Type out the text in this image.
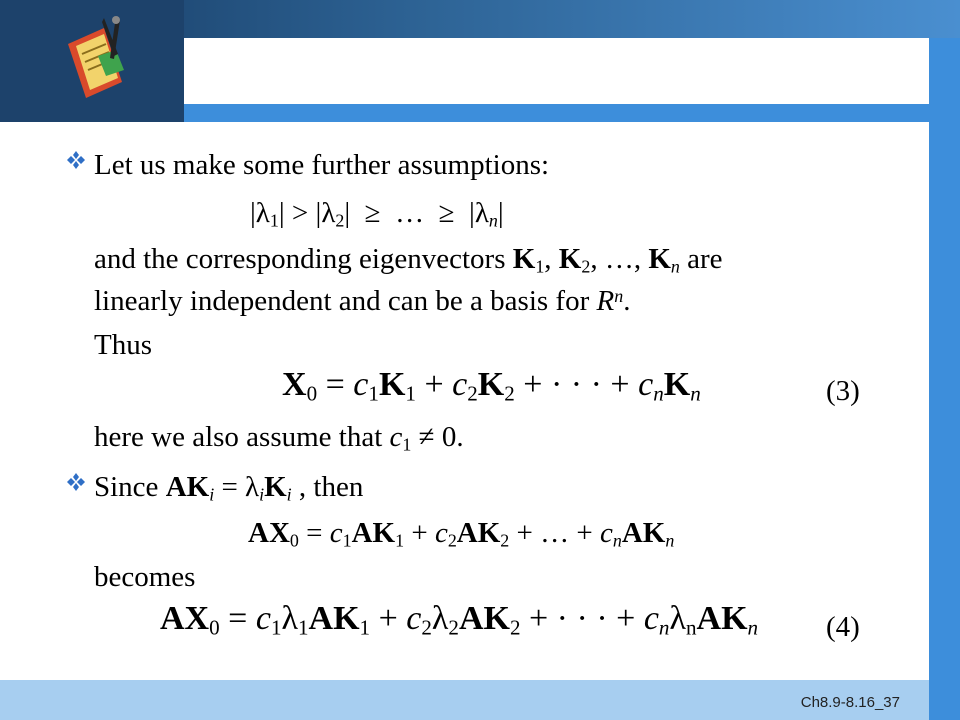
Ch8.9-8.16_37
Let us make some further assumptions:
$|\lambda_1| > |\lambda_2|$  ≥  …  ≥  $|\lambda_n|$
and the corresponding eigenvectors $K_1$, $K_2$, …, $K_n$ are
linearly independent and can be a basis for $R^n$.
Thus
$X_0 = c_1K_1 + c_2K_2$ + · · · + $c_nK_n$	(3)
here we also assume that $c_1 \ne 0$.
Since $AK_i = \lambda_iK_i$ , then
$AX_0 = c_1AK_1 + c_2AK_2$ + … + $c_nAK_n$
becomes
$AX_0 = c_1\lambda_1AK_1 + c_2\lambda_2AK_2$ + · · · + $c_n\lambda_nAK_n$ (4)
